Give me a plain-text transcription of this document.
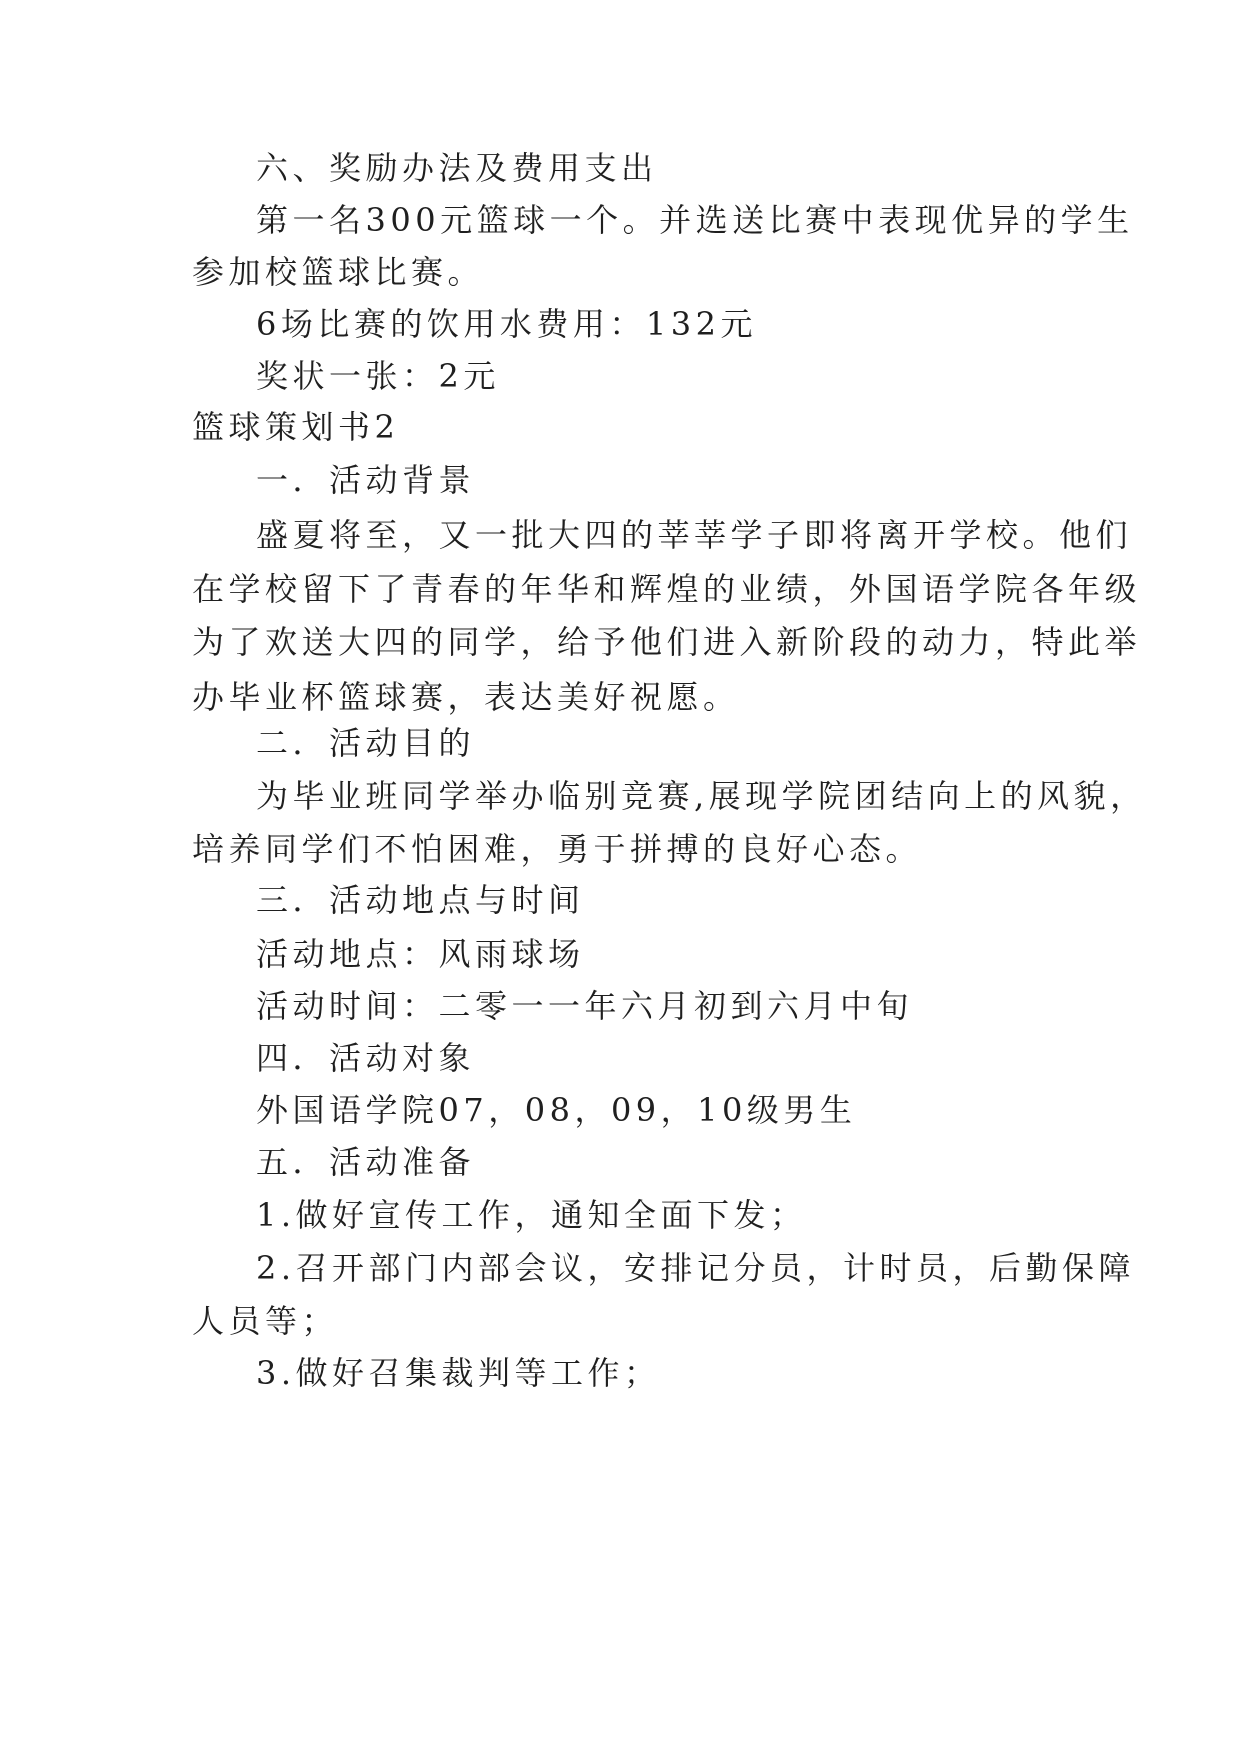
六、奖励办法及费用支出
第一名300元篮球一个。并选送比赛中表现优异的学生
参加校篮球比赛。
6场比赛的饮用水费用：132元
奖状一张：2元
篮球策划书2
一．活动背景
盛夏将至，又一批大四的莘莘学子即将离开学校。他们
在学校留下了青春的年华和辉煌的业绩，外国语学院各年级
为了欢送大四的同学，给予他们进入新阶段的动力，特此举
办毕业杯篮球赛，表达美好祝愿。
二．活动目的
为毕业班同学举办临别竞赛,展现学院团结向上的风貌，
培养同学们不怕困难，勇于拼搏的良好心态。
三．活动地点与时间
活动地点：风雨球场
活动时间：二零一一年六月初到六月中旬
四．活动对象
外国语学院07，08，09，10级男生
五．活动准备
1.做好宣传工作，通知全面下发；
2.召开部门内部会议，安排记分员，计时员，后勤保障
人员等；
3.做好召集裁判等工作；
